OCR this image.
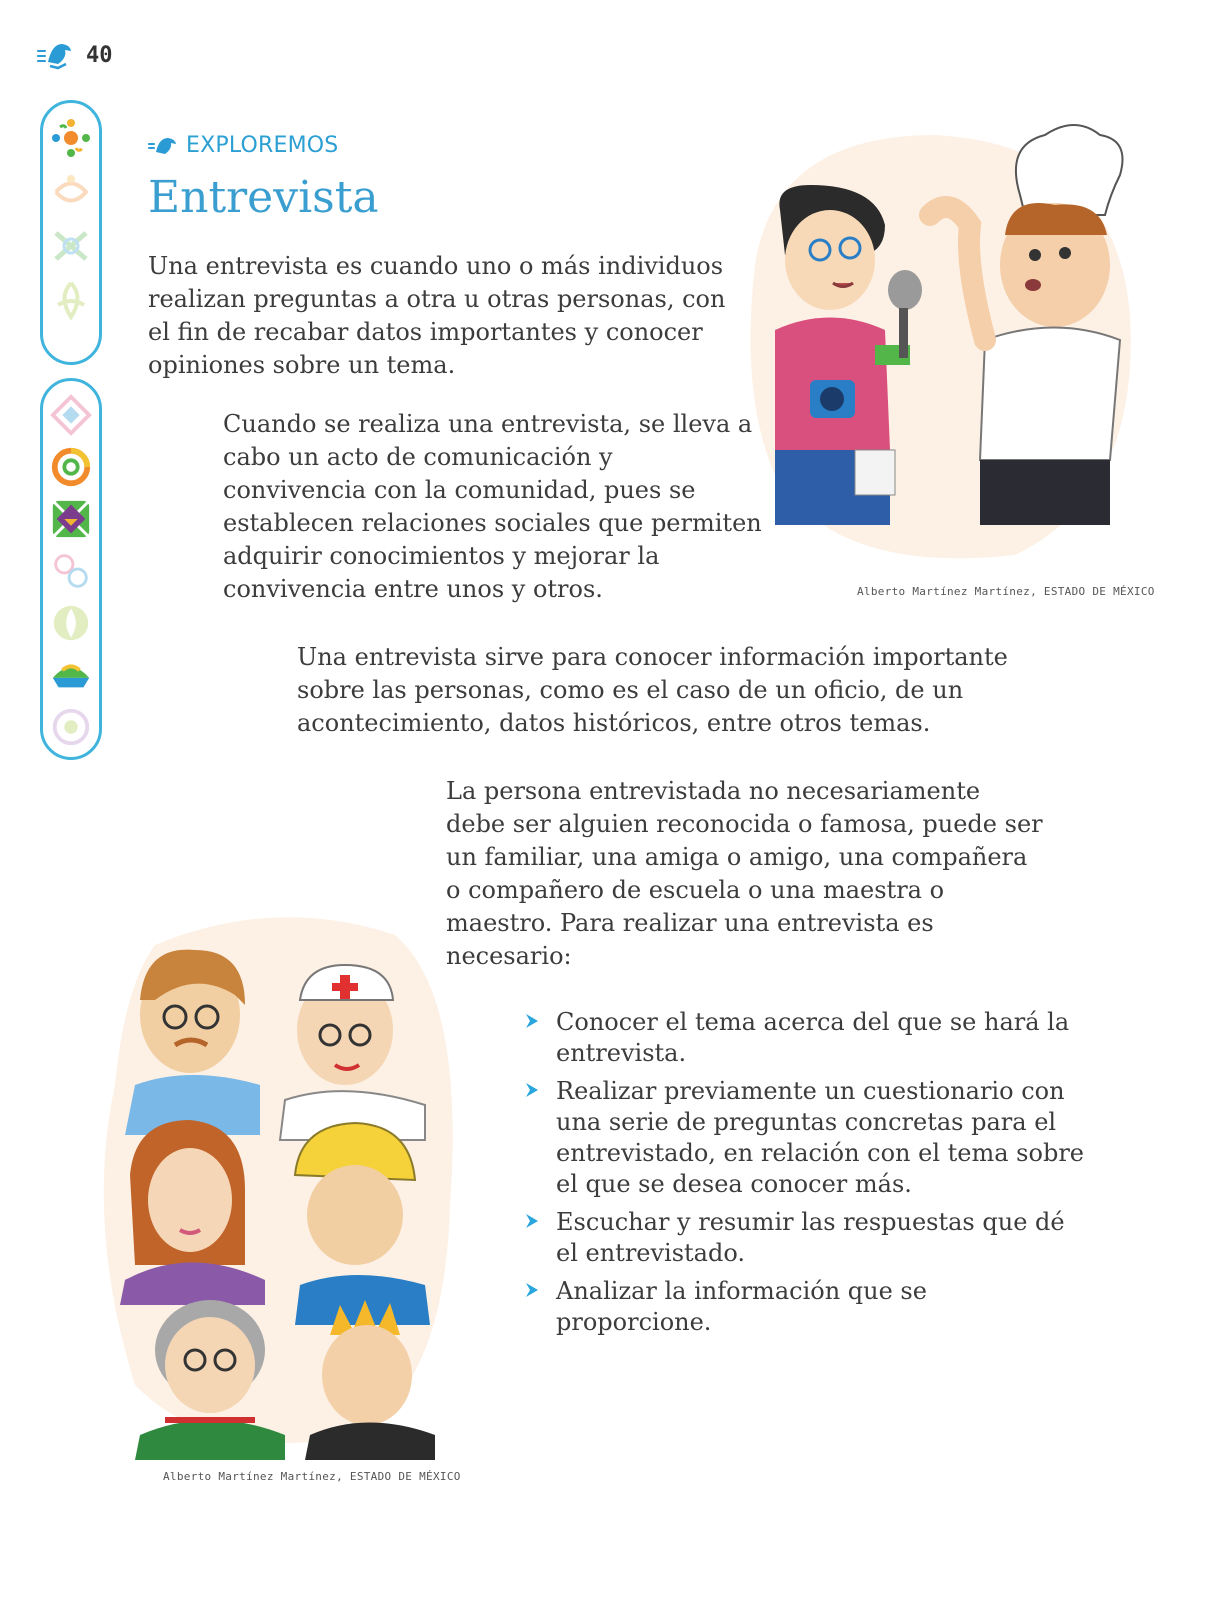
40
EXPLOREMOS
Entrevista

Una entrevista es cuando uno o más individuos realizan preguntas a otra u otras personas, con el fin de recabar datos importantes y conocer opiniones sobre un tema.

Cuando se realiza una entrevista, se lleva a cabo un acto de comunicación y convivencia con la comunidad, pues se establecen relaciones sociales que permiten adquirir conocimientos y mejorar la convivencia entre unos y otros.

Una entrevista sirve para conocer información importante sobre las personas, como es el caso de un oficio, de un acontecimiento, datos históricos, entre otros temas.

La persona entrevistada no necesariamente debe ser alguien reconocida o famosa, puede ser un familiar, una amiga o amigo, una compañera o compañero de escuela o una maestra o maestro. Para realizar una entrevista es necesario:

Conocer el tema acerca del que se hará la entrevista.
Realizar previamente un cuestionario con una serie de preguntas concretas para el entrevistado, en relación con el tema sobre el que se desea conocer más.
Escuchar y resumir las respuestas que dé el entrevistado.
Analizar la información que se proporcione.
Alberto Martínez Martínez, ESTADO DE MÉXICO
Alberto Martínez Martínez, ESTADO DE MÉXICO
